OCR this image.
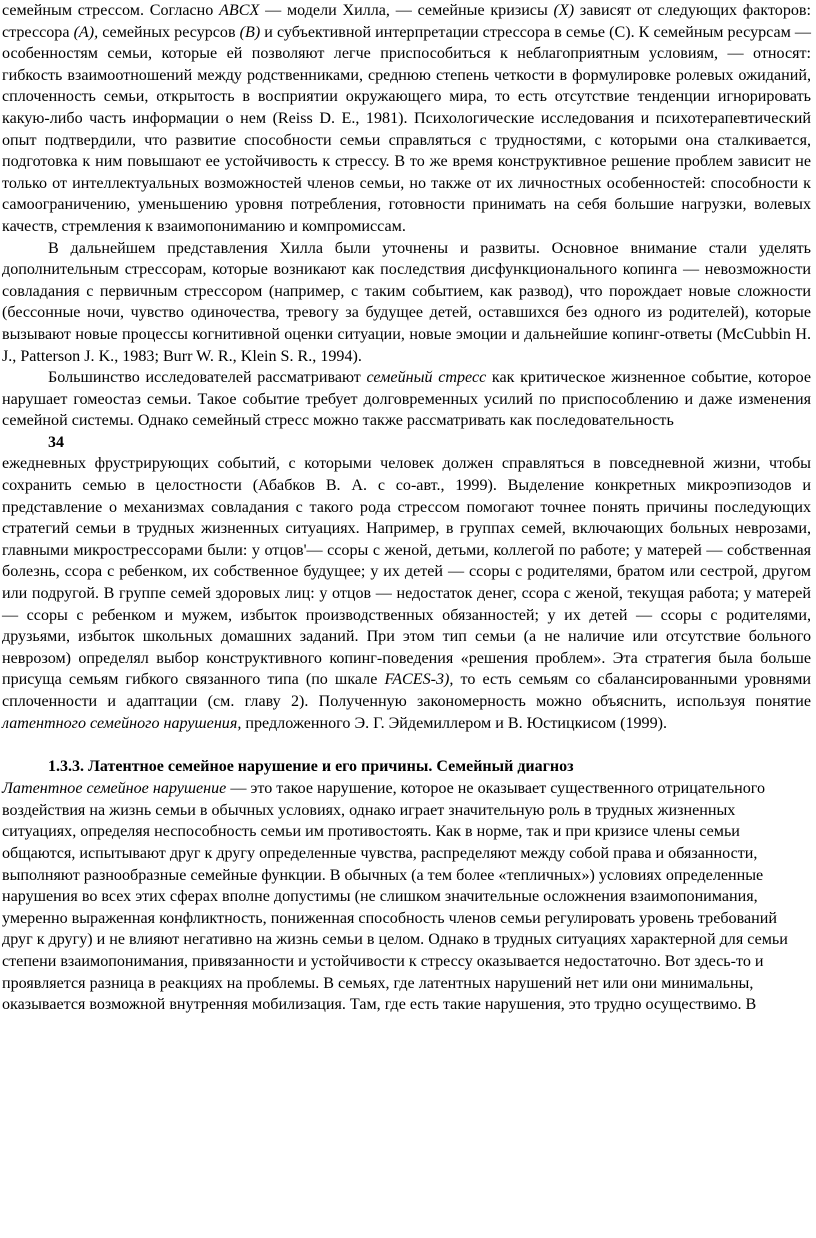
семейным стрессом. Согласно ABCX — модели Хилла, — семейные кризисы (X) зависят от следующих факторов: стрессора (А), семейных ресурсов (В) и субъективной интерпретации стрессора в семье (С). К семейным ресурсам — особенностям семьи, которые ей позволяют легче приспособиться к неблагоприятным условиям, — относят: гибкость взаимоотношений между родственниками, среднюю степень четкости в формулировке ролевых ожиданий, сплоченность семьи, открытость в восприятии окружающего мира, то есть отсутствие тенденции игнорировать какую-либо часть информации о нем (Reiss D. E., 1981). Психологические исследования и психотерапевтический опыт подтвердили, что развитие способности семьи справляться с трудностями, с которыми она сталкивается, подготовка к ним повышают ее устойчивость к стрессу. В то же время конструктивное решение проблем зависит не только от интеллектуальных возможностей членов семьи, но также от их личностных особенностей: способности к самоограничению, уменьшению уровня потребления, готовности принимать на себя большие нагрузки, волевых качеств, стремления к взаимопониманию и компромиссам.

В дальнейшем представления Хилла были уточнены и развиты. Основное внимание стали уделять дополнительным стрессорам, которые возникают как последствия дисфункционального копинга — невозможности совладания с первичным стрессором (например, с таким событием, как развод), что порождает новые сложности (бессонные ночи, чувство одиночества, тревогу за будущее детей, оставшихся без одного из родителей), которые вызывают новые процессы когнитивной оценки ситуации, новые эмоции и дальнейшие копинг-ответы (McCubbin H. J., Patterson J. K., 1983; Burr W. R., Klein S. R., 1994).

Большинство исследователей рассматривают семейный стресс как критическое жизненное событие, которое нарушает гомеостаз семьи. Такое событие требует долговременных усилий по приспособлению и даже изменения семейной системы. Однако семейный стресс можно также рассматривать как последовательность

34

ежедневных фрустрирующих событий, с которыми человек должен справляться в повседневной жизни, чтобы сохранить семью в целостности (Абабков В. А. с со-авт., 1999). Выделение конкретных микроэпизодов и представление о механизмах совладания с такого рода стрессом помогают точнее понять причины последующих стратегий семьи в трудных жизненных ситуациях. Например, в группах семей, включающих больных неврозами, главными микрострессорами были: у отцов'— ссоры с женой, детьми, коллегой по работе; у матерей — собственная болезнь, ссора с ребенком, их собственное будущее; у их детей — ссоры с родителями, братом или сестрой, другом или подругой. В группе семей здоровых лиц: у отцов — недостаток денег, ссора с женой, текущая работа; у матерей — ссоры с ребенком и мужем, избыток производственных обязанностей; у их детей — ссоры с родителями, друзьями, избыток школьных домашних заданий. При этом тип семьи (а не наличие или отсутствие больного неврозом) определял выбор конструктивного копинг-поведения «решения проблем». Эта стратегия была больше присуща семьям гибкого связанного типа (по шкале FACES-3), то есть семьям со сбалансированными уровнями сплоченности и адаптации (см. главу 2). Полученную закономерность можно объяснить, используя понятие латентного семейного нарушения, предложенного Э. Г. Эйдемиллером и В. Юстицкисом (1999).

1.3.3. Латентное семейное нарушение и его причины. Семейный диагноз

Латентное семейное нарушение — это такое нарушение, которое не оказывает существенного отрицательного воздействия на жизнь семьи в обычных условиях, однако играет значительную роль в трудных жизненных ситуациях, определяя неспособность семьи им противостоять. Как в норме, так и при кризисе члены семьи общаются, испытывают друг к другу определенные чувства, распределяют между собой права и обязанности, выполняют разнообразные семейные функции. В обычных (а тем более «тепличных») условиях определенные нарушения во всех этих сферах вполне допустимы (не слишком значительные осложнения взаимопонимания, умеренно выраженная конфликтность, пониженная способность членов семьи регулировать уровень требований друг к другу) и не влияют негативно на жизнь семьи в целом. Однако в трудных ситуациях характерной для семьи степени взаимопонимания, привязанности и устойчивости к стрессу оказывается недостаточно. Вот здесь-то и проявляется разница в реакциях на проблемы. В семьях, где латентных нарушений нет или они минимальны, оказывается возможной внутренняя мобилизация. Там, где есть такие нарушения, это трудно осуществимо. В
